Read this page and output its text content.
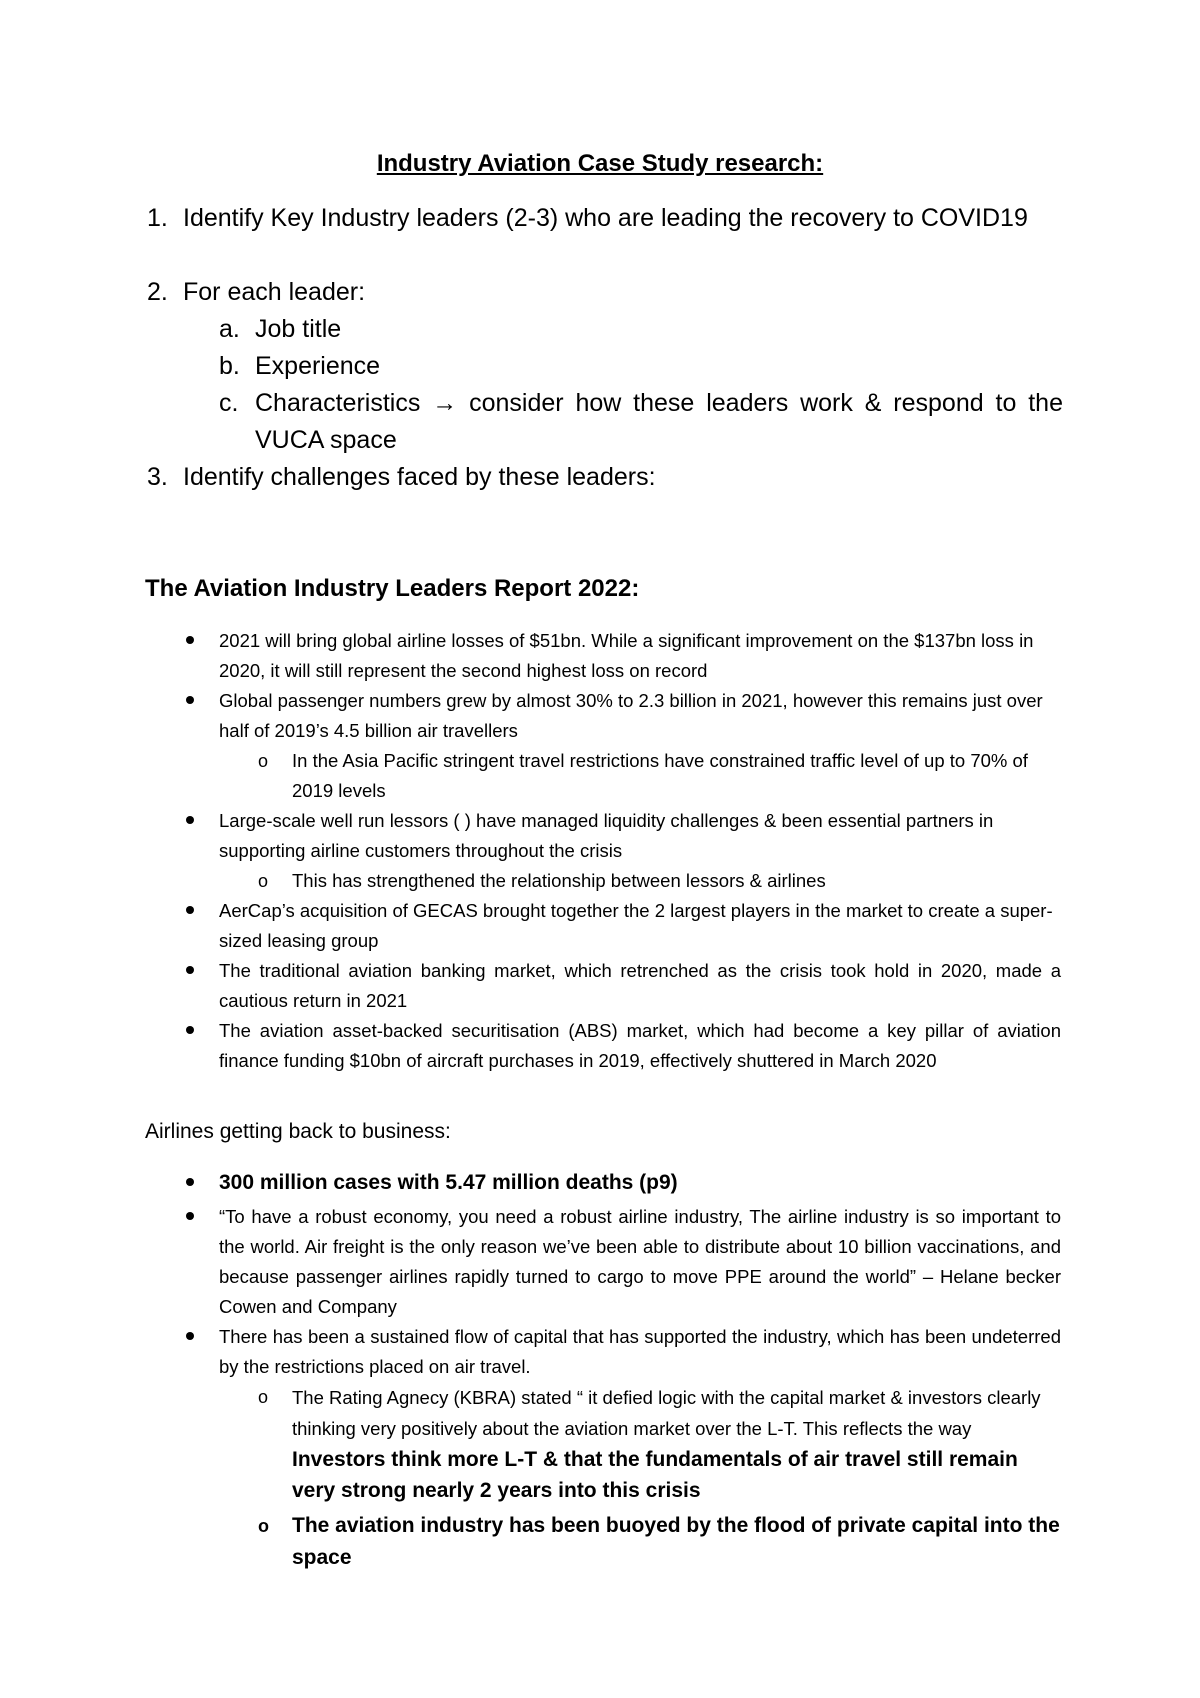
Industry Aviation Case Study research:
1. Identify Key Industry leaders (2-3) who are leading the recovery to COVID19
2. For each leader:
a. Job title
b. Experience
c. Characteristics → consider how these leaders work & respond to the VUCA space
3. Identify challenges faced by these leaders:
The Aviation Industry Leaders Report 2022:
2021 will bring global airline losses of $51bn. While a significant improvement on the $137bn loss in 2020, it will still represent the second highest loss on record
Global passenger numbers grew by almost 30% to 2.3 billion in 2021, however this remains just over half of 2019’s 4.5 billion air travellers
o In the Asia Pacific stringent travel restrictions have constrained traffic level of up to 70% of 2019 levels
Large-scale well run lessors ( ) have managed liquidity challenges & been essential partners in supporting airline customers throughout the crisis
o This has strengthened the relationship between lessors & airlines
AerCap’s acquisition of GECAS brought together the 2 largest players in the market to create a super-sized leasing group
The traditional aviation banking market, which retrenched as the crisis took hold in 2020, made a cautious return in 2021
The aviation asset-backed securitisation (ABS) market, which had become a key pillar of aviation finance funding $10bn of aircraft purchases in 2019, effectively shuttered in March 2020
Airlines getting back to business:
300 million cases with 5.47 million deaths (p9)
“To have a robust economy, you need a robust airline industry, The airline industry is so important to the world. Air freight is the only reason we’ve been able to distribute about 10 billion vaccinations, and because passenger airlines rapidly turned to cargo to move PPE around the world” – Helane becker Cowen and Company
There has been a sustained flow of capital that has supported the industry, which has been undeterred by the restrictions placed on air travel.
o The Rating Agnecy (KBRA) stated “ it defied logic with the capital market & investors clearly thinking very positively about the aviation market over the L-T. This reflects the way Investors think more L-T & that the fundamentals of air travel still remain very strong nearly 2 years into this crisis
o The aviation industry has been buoyed by the flood of private capital into the space
